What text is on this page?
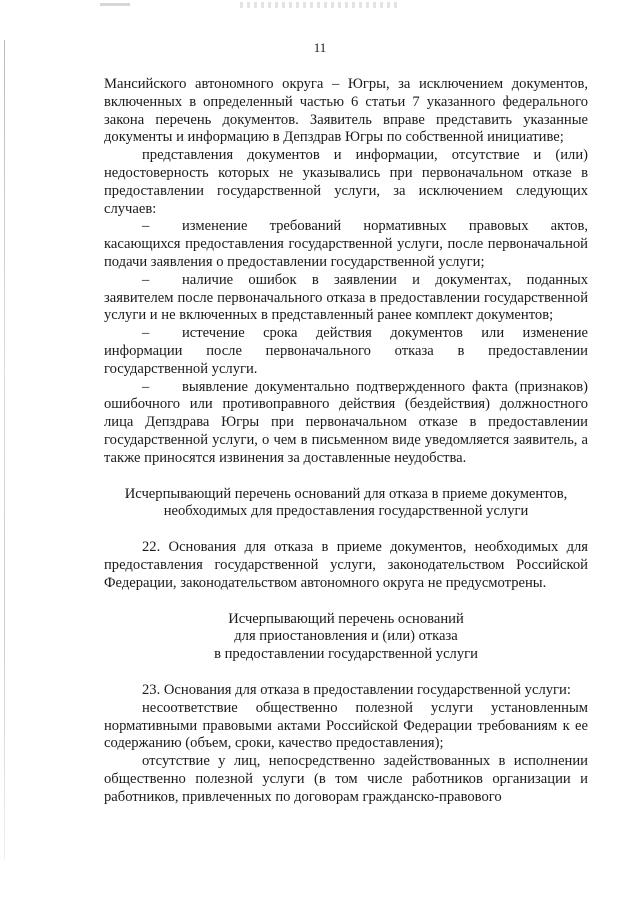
11

Мансийского автономного округа – Югры, за исключением документов, включенных в определенный частью 6 статьи 7 указанного федерального закона перечень документов. Заявитель вправе представить указанные документы и информацию в Депздрав Югры по собственной инициативе;

представления документов и информации, отсутствие и (или) недостоверность которых не указывались при первоначальном отказе в предоставлении государственной услуги, за исключением следующих случаев:

– изменение требований нормативных правовых актов, касающихся предоставления государственной услуги, после первоначальной подачи заявления о предоставлении государственной услуги;

– наличие ошибок в заявлении и документах, поданных заявителем после первоначального отказа в предоставлении государственной услуги и не включенных в представленный ранее комплект документов;

– истечение срока действия документов или изменение информации после первоначального отказа в предоставлении государственной услуги.

– выявление документально подтвержденного факта (признаков) ошибочного или противоправного действия (бездействия) должностного лица Депздрава Югры при первоначальном отказе в предоставлении государственной услуги, о чем в письменном виде уведомляется заявитель, а также приносятся извинения за доставленные неудобства.

Исчерпывающий перечень оснований для отказа в приеме документов,

необходимых для предоставления государственной услуги

22. Основания для отказа в приеме документов, необходимых для предоставления государственной услуги, законодательством Российской Федерации, законодательством автономного округа не предусмотрены.

Исчерпывающий перечень оснований

для приостановления и (или) отказа

в предоставлении государственной услуги

23. Основания для отказа в предоставлении государственной услуги:

несоответствие общественно полезной услуги установленным нормативными правовыми актами Российской Федерации требованиям к ее содержанию (объем, сроки, качество предоставления);

отсутствие у лиц, непосредственно задействованных в исполнении общественно полезной услуги (в том числе работников организации и работников, привлеченных по договорам гражданско-правового
